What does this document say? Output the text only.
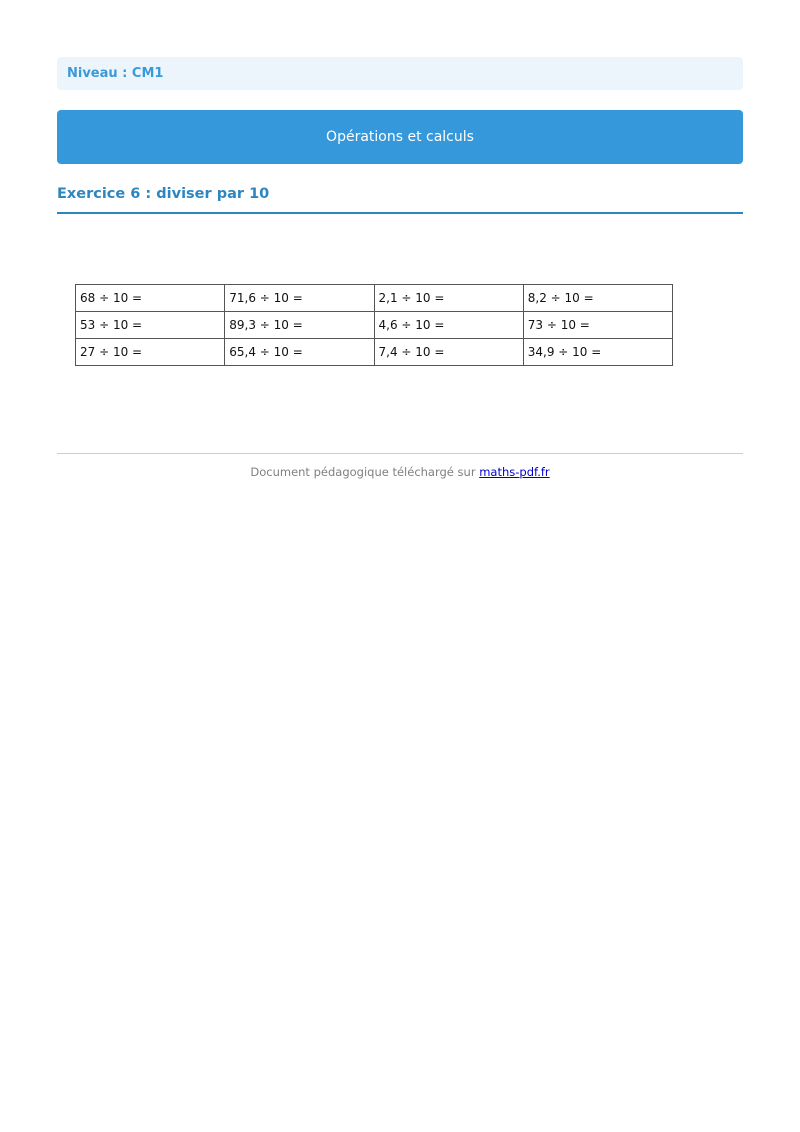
Niveau : CM1
Opérations et calculs
Exercice 6 : diviser par 10
68 ÷ 10 =	71,6 ÷ 10 =	2,1 ÷ 10 =	8,2 ÷ 10 =
53 ÷ 10 =	89,3 ÷ 10 =	4,6 ÷ 10 =	73 ÷ 10 =
27 ÷ 10 =	65,4 ÷ 10 =	7,4 ÷ 10 =	34,9 ÷ 10 =
Document pédagogique téléchargé sur maths-pdf.fr
